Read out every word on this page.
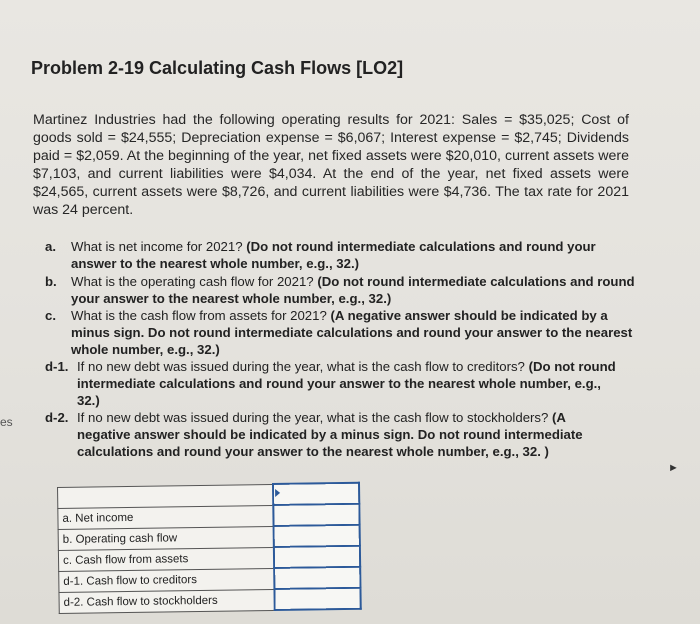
Problem 2-19 Calculating Cash Flows [LO2]

Martinez Industries had the following operating results for 2021: Sales = $35,025; Cost of goods sold = $24,555; Depreciation expense = $6,067; Interest expense = $2,745; Dividends paid = $2,059. At the beginning of the year, net fixed assets were $20,010, current assets were $7,103, and current liabilities were $4,034. At the end of the year, net fixed assets were $24,565, current assets were $8,726, and current liabilities were $4,736. The tax rate for 2021 was 24 percent.

a. What is net income for 2021? (Do not round intermediate calculations and round your answer to the nearest whole number, e.g., 32.)
b. What is the operating cash flow for 2021? (Do not round intermediate calculations and round your answer to the nearest whole number, e.g., 32.)
c. What is the cash flow from assets for 2021? (A negative answer should be indicated by a minus sign. Do not round intermediate calculations and round your answer to the nearest whole number, e.g., 32.)
d-1. If no new debt was issued during the year, what is the cash flow to creditors? (Do not round intermediate calculations and round your answer to the nearest whole number, e.g., 32.)
d-2. If no new debt was issued during the year, what is the cash flow to stockholders? (A negative answer should be indicated by a minus sign. Do not round intermediate calculations and round your answer to the nearest whole number, e.g., 32. )
es
►

a. Net income	
b. Operating cash flow	
c. Cash flow from assets	
d-1. Cash flow to creditors	
d-2. Cash flow to stockholders	
